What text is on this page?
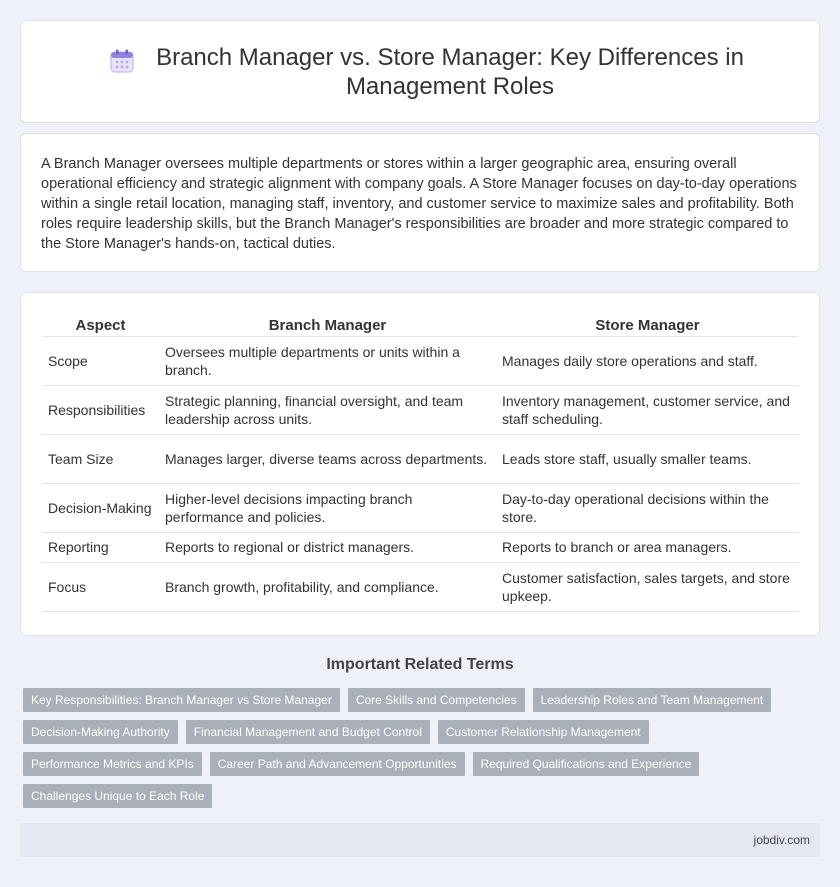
Branch Manager vs. Store Manager: Key Differences in Management Roles

A Branch Manager oversees multiple departments or stores within a larger geographic area, ensuring overall operational efficiency and strategic alignment with company goals. A Store Manager focuses on day-to-day operations within a single retail location, managing staff, inventory, and customer service to maximize sales and profitability. Both roles require leadership skills, but the Branch Manager's responsibilities are broader and more strategic compared to the Store Manager's hands-on, tactical duties.

Aspect	Branch Manager	Store Manager
Scope	Oversees multiple departments or units within a branch.	Manages daily store operations and staff.
Responsibilities	Strategic planning, financial oversight, and team leadership across units.	Inventory management, customer service, and staff scheduling.
Team Size	Manages larger, diverse teams across departments.	Leads store staff, usually smaller teams.
Decision-Making	Higher-level decisions impacting branch performance and policies.	Day-to-day operational decisions within the store.
Reporting	Reports to regional or district managers.	Reports to branch or area managers.
Focus	Branch growth, profitability, and compliance.	Customer satisfaction, sales targets, and store upkeep.
Important Related Terms
Key Responsibilities: Branch Manager vs Store Manager	Core Skills and Competencies	Leadership Roles and Team Management
Decision-Making Authority	Financial Management and Budget Control	Customer Relationship Management
Performance Metrics and KPIs	Career Path and Advancement Opportunities	Required Qualifications and Experience
Challenges Unique to Each Role
jobdiv.com
